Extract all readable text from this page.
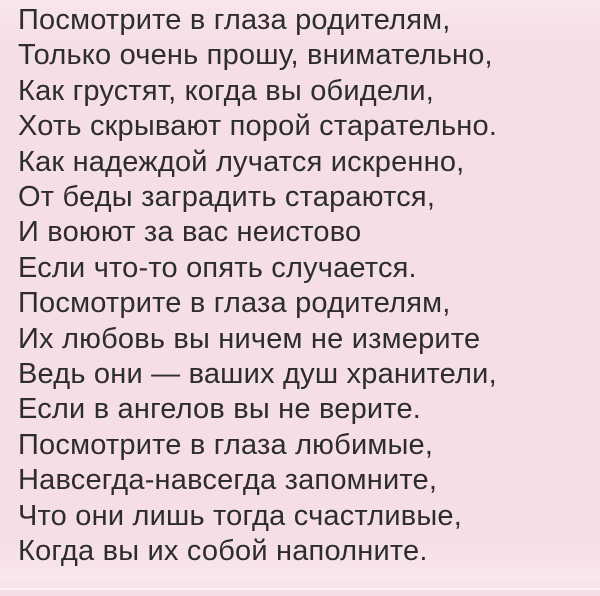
Посмотрите в глаза родителям,
Только очень прошу, внимательно,
Как грустят, когда вы обидели,
Хоть скрывают порой старательно.
Как надеждой лучатся искренно,
От беды заградить стараются,
И воюют за вас неистово
Если что-то опять случается.
Посмотрите в глаза родителям,
Их любовь вы ничем не измерите
Ведь они — ваших душ хранители,
Если в ангелов вы не верите.
Посмотрите в глаза любимые,
Навсегда-навсегда запомните,
Что они лишь тогда счастливые,
Когда вы их собой наполните.
